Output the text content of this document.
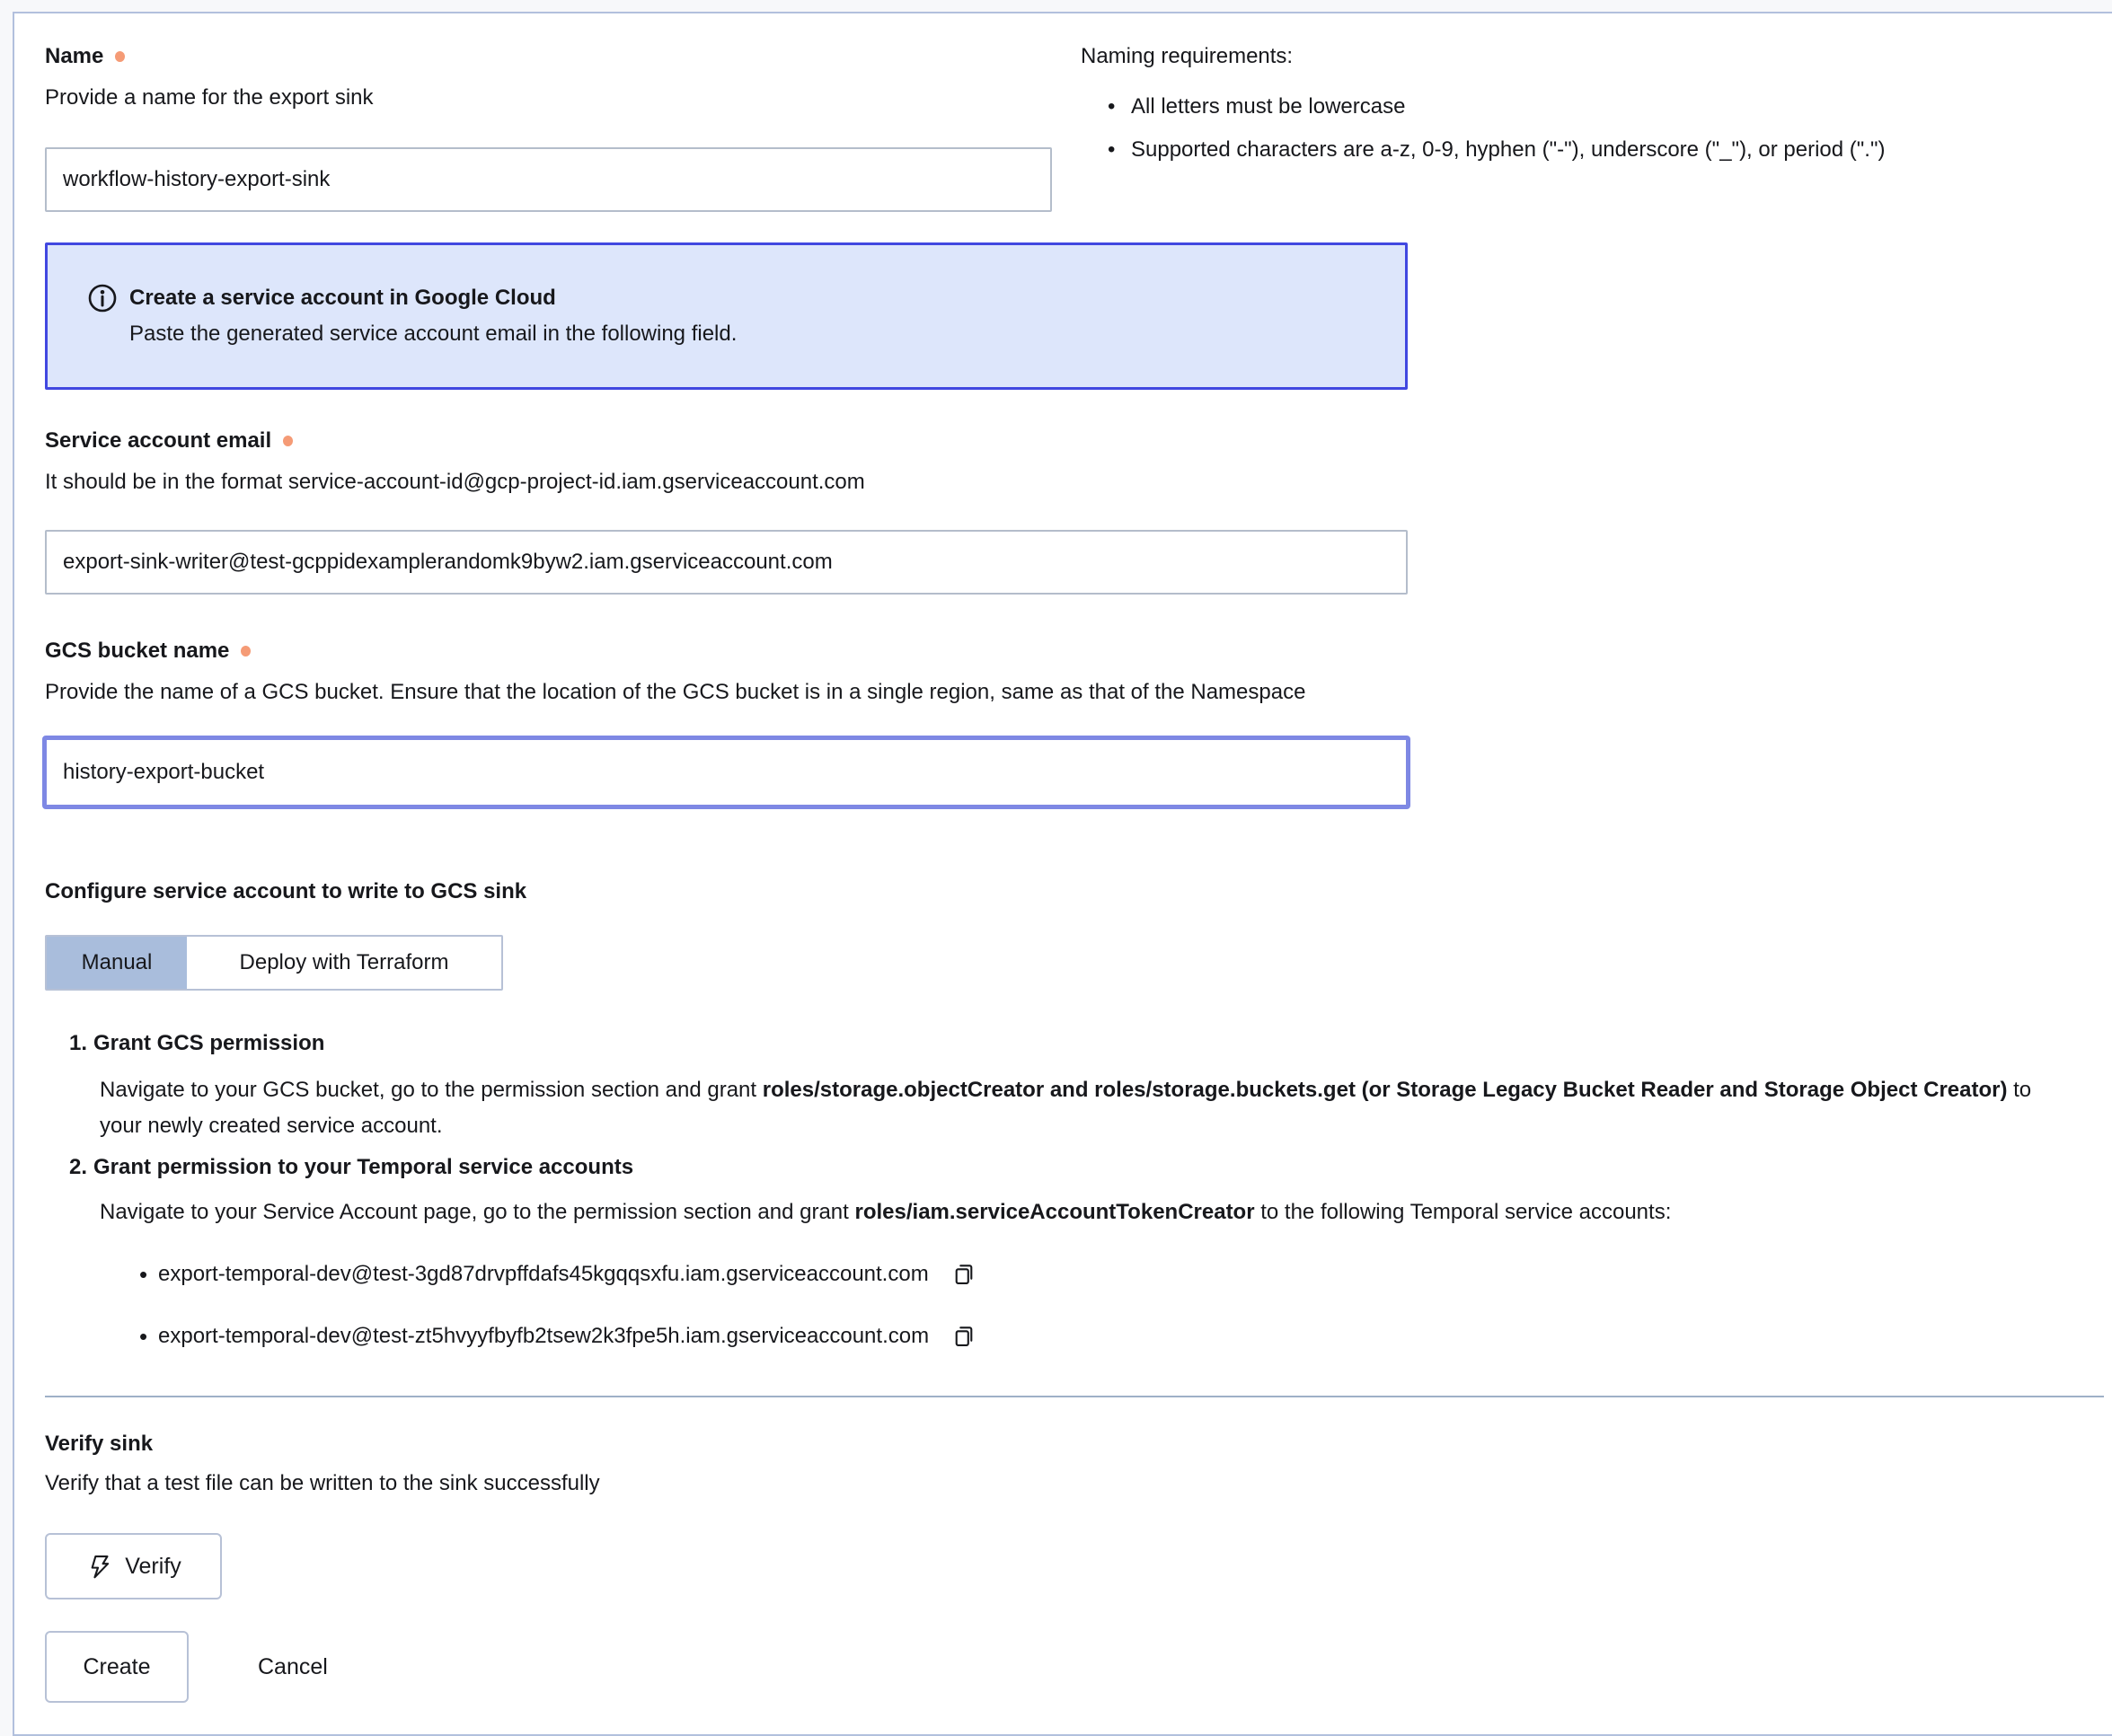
Name
Provide a name for the export sink
workflow-history-export-sink
Naming requirements:
• All letters must be lowercase
• Supported characters are a-z, 0-9, hyphen ("-"), underscore ("_"), or period (".")
Create a service account in Google Cloud
Paste the generated service account email in the following field.
Service account email
It should be in the format service-account-id@gcp-project-id.iam.gserviceaccount.com
export-sink-writer@test-gcppidexamplerandomk9byw2.iam.gserviceaccount.com
GCS bucket name
Provide the name of a GCS bucket. Ensure that the location of the GCS bucket is in a single region, same as that of the Namespace
history-export-bucket
Configure service account to write to GCS sink
Manual	Deploy with Terraform
1. Grant GCS permission
Navigate to your GCS bucket, go to the permission section and grant roles/storage.objectCreator and roles/storage.buckets.get (or Storage Legacy Bucket Reader and Storage Object Creator) to your newly created service account.
2. Grant permission to your Temporal service accounts
Navigate to your Service Account page, go to the permission section and grant roles/iam.serviceAccountTokenCreator to the following Temporal service accounts:
• export-temporal-dev@test-3gd87drvpffdafs45kgqqsxfu.iam.gserviceaccount.com
• export-temporal-dev@test-zt5hvyyfbyfb2tsew2k3fpe5h.iam.gserviceaccount.com
Verify sink
Verify that a test file can be written to the sink successfully
Verify
Create	Cancel
